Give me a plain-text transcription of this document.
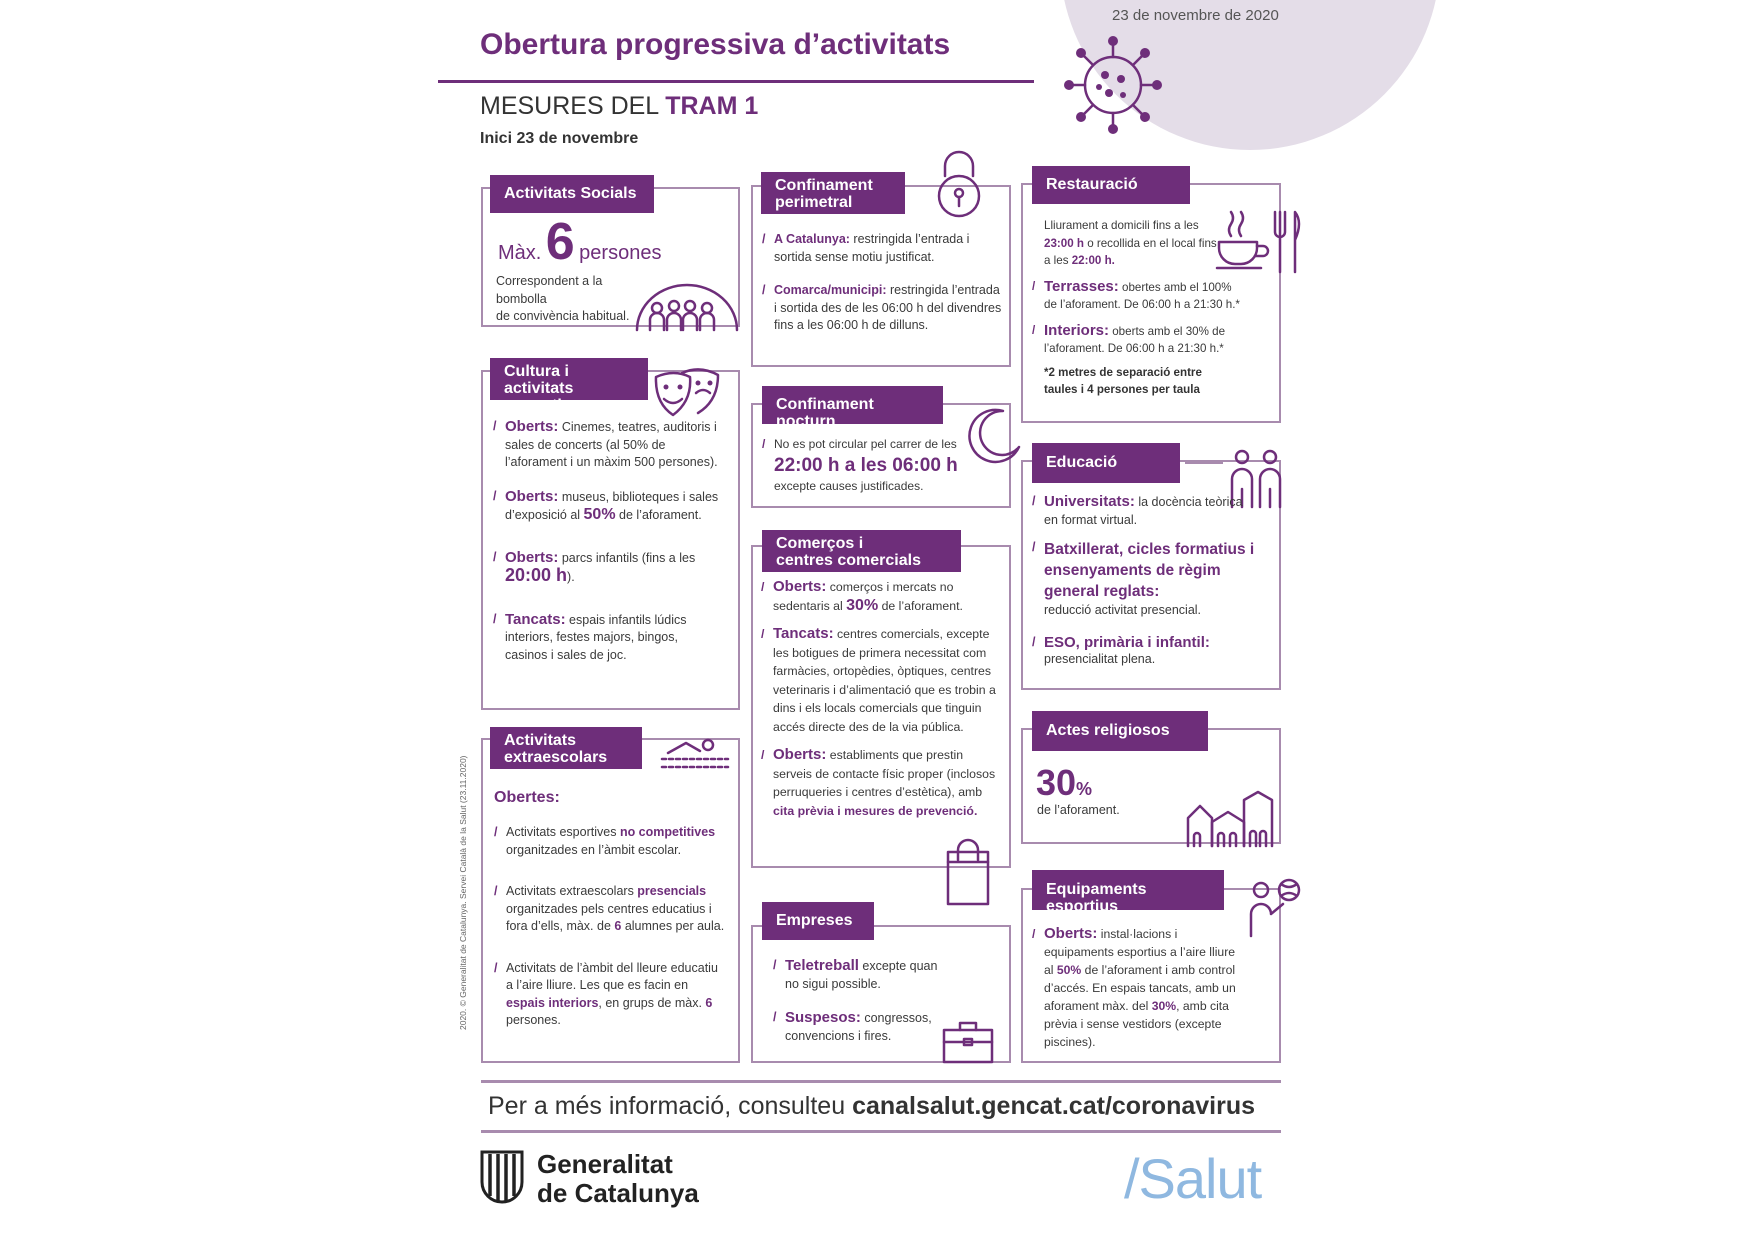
23 de novembre de 2020
Obertura progressiva d’activitats
MESURES DEL TRAM 1
Inici 23 de novembre
Activitats Socials
Màx. 6 persones
Correspondent a la bombolla
de convivència habitual.
Cultura i activitats
recreatives
/ Oberts: Cinemes, teatres, auditoris i sales de concerts (al 50% de l’aforament i un màxim 500 persones).
/ Oberts: museus, biblioteques i sales d’exposició al 50% de l’aforament.
/ Oberts: parcs infantils (fins a les 20:00 h).
/ Tancats: espais infantils lúdics interiors, festes majors, bingos, casinos i sales de joc.
Activitats
extraescolars
Obertes:
/ Activitats esportives no competitives organitzades en l’àmbit escolar.
/ Activitats extraescolars presencials organitzades pels centres educatius i fora d’ells, màx. de 6 alumnes per aula.
/ Activitats de l’àmbit del lleure educatiu a l’aire lliure. Les que es facin en espais interiors, en grups de màx. 6 persones.
2020. © Generalitat de Catalunya. Servei Català de la Salut (23.11.2020)
Confinament
perimetral
/ A Catalunya: restringida l’entrada i sortida sense motiu justificat.
/ Comarca/municipi: restringida l’entrada i sortida des de les 06:00 h del divendres fins a les 06:00 h de dilluns.
Confinament nocturn
/ No es pot circular pel carrer de les
22:00 h a les 06:00 h
excepte causes justificades.
Comerços i
centres comercials
/ Oberts: comerços i mercats no sedentaris al 30% de l’aforament.
/ Tancats: centres comercials, excepte les botigues de primera necessitat com farmàcies, ortopèdies, òptiques, centres veterinaris i d’alimentació que es trobin a dins i els locals comercials que tinguin accés directe des de la via pública.
/ Oberts: establiments que prestin serveis de contacte físic proper (inclosos perruqueries i centres d’estètica), amb cita prèvia i mesures de prevenció.
Empreses
/ Teletreball excepte quan no sigui possible.
/ Suspesos: congressos, convencions i fires.
Restauració
Lliurament a domicili fins a les
23:00 h o recollida en el local fins
a les 22:00 h.
/ Terrasses: obertes amb el 100% de l’aforament. De 06:00 h a 21:30 h.*
/ Interiors: oberts amb el 30% de l’aforament. De 06:00 h a 21:30 h.*
*2 metres de separació entre taules i 4 persones per taula
Educació
/ Universitats: la docència teòrica en format virtual.
/ Batxillerat, cicles formatius i ensenyaments de règim general reglats:
reducció activitat presencial.
/ ESO, primària i infantil:
presencialitat plena.
Actes religiosos
30%
de l’aforament.
Equipaments esportius
/ Oberts: instal·lacions i equipaments esportius a l’aire lliure al 50% de l’aforament i amb control d’accés. En espais tancats, amb un aforament màx. del 30%, amb cita prèvia i sense vestidors (excepte piscines).
Per a més informació, consulteu canalsalut.gencat.cat/coronavirus
Generalitat
de Catalunya	/Salut
